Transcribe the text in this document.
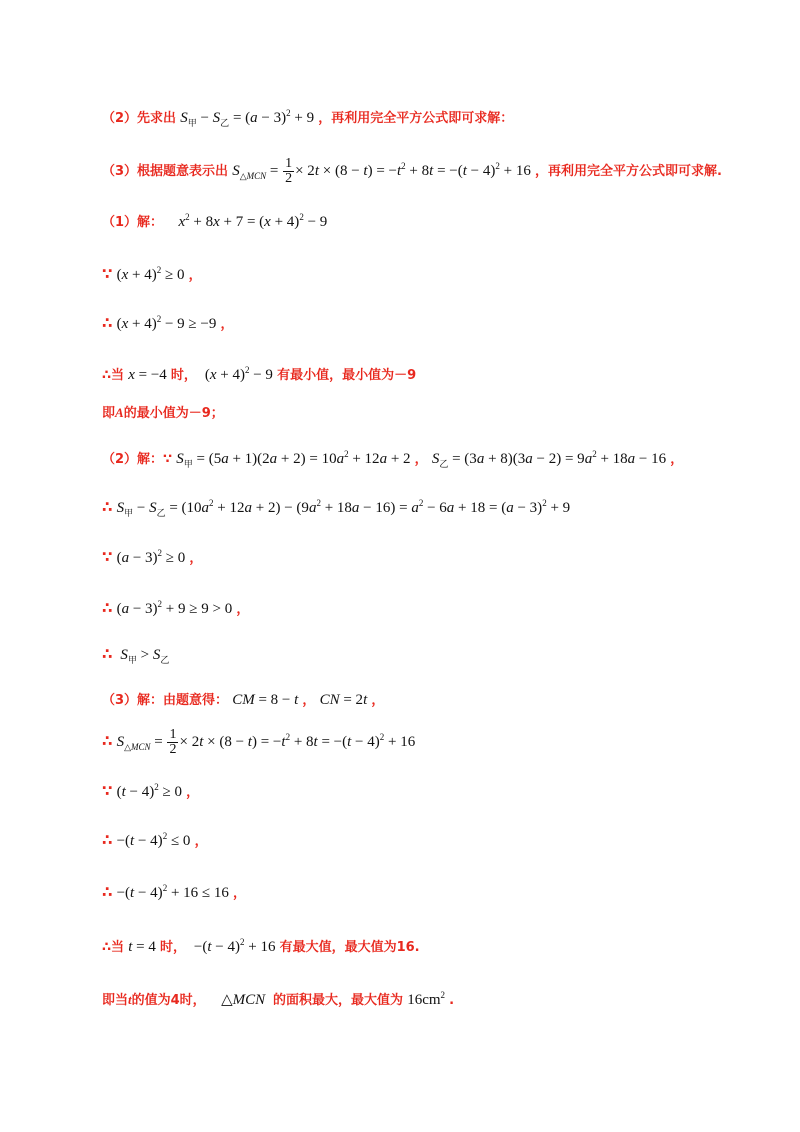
（2）先求出 $S_甲 - S_乙 = (a - 3)^2 + 9$ ，再利用完全平方公式即可求解：
（3）根据题意表示出 $S_{\triangle MCN} = \frac{1}{2} \times 2t \times (8 - t) = -t^2 + 8t = -(t - 4)^2 + 16$ ，再利用完全平方公式即可求解.
（1）解： $x^2 + 8x + 7 = (x + 4)^2 - 9$
∵ $(x + 4)^2 \ge 0$ ，
∴ $(x + 4)^2 - 9 \ge -9$ ，
∴当 x = −4 时，  $(x + 4)^2 - 9$ 有最小值，最小值为－9
即A的最小值为－9；
（2）解：∵ $S_甲 = (5a + 1)(2a + 2) = 10a^2 + 12a + 2$ ， $S_乙 = (3a + 8)(3a - 2) = 9a^2 + 18a - 16$ ，
∴ $S_甲 - S_乙 = (10a^2 + 12a + 2) - (9a^2 + 18a - 16) = a^2 - 6a + 18 = (a - 3)^2 + 9$
∵ $(a - 3)^2 \ge 0$ ，
∴ $(a - 3)^2 + 9 \ge 9 > 0$ ，
∴ $S_甲 > S_乙$
（3）解：由题意得： CM = 8 − t ， CN = 2t ，
∴ $S_{\triangle MCN} = \frac{1}{2} \times 2t \times (8 - t) = -t^2 + 8t = -(t - 4)^2 + 16$
∵ $(t - 4)^2 \ge 0$ ，
∴ $-(t - 4)^2 \le 0$ ，
∴ $-(t - 4)^2 + 16 \le 16$ ，
∴当 t = 4 时，  $-(t - 4)^2 + 16$ 有最大值，最大值为16.
即当t的值为4时，    △MCN 的面积最大，最大值为 $16cm^2$ .
